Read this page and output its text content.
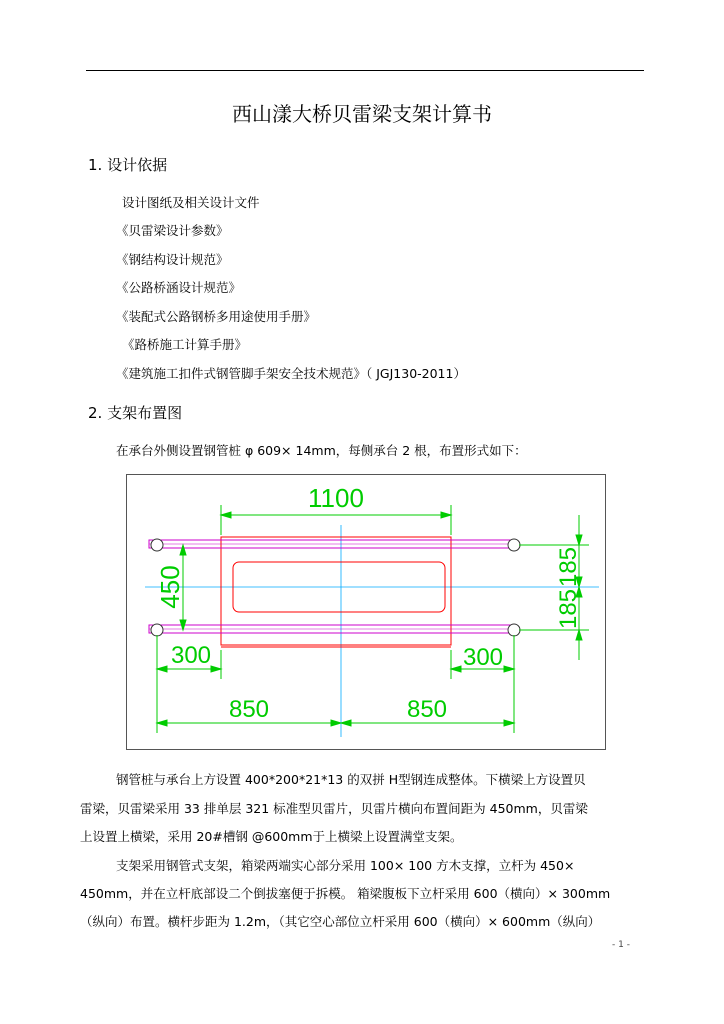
西山漾大桥贝雷梁支架计算书
1. 设计依据
设计图纸及相关设计文件
《贝雷梁设计参数》
《钢结构设计规范》
《公路桥涵设计规范》
《装配式公路钢桥多用途使用手册》
《路桥施工计算手册》
《建筑施工扣件式钢管脚手架安全技术规范》（ JGJ130-2011）
2. 支架布置图
在承台外侧设置钢管桩 φ 609× 14mm，每侧承台 2 根，布置形式如下：
1100
450	185
185
300	300
850	850
钢管桩与承台上方设置 400*200*21*13 的双拼 H型钢连成整体。下横梁上方设置贝
雷梁，贝雷梁采用 33 排单层 321 标准型贝雷片，贝雷片横向布置间距为 450mm，贝雷梁
上设置上横梁，采用 20#槽钢 @600mm于上横梁上设置满堂支架。
支架采用钢管式支架，箱梁两端实心部分采用 100× 100 方木支撑，立杆为 450×
450mm，并在立杆底部设二个倒拔塞便于拆模。 箱梁腹板下立杆采用 600（横向）× 300mm
（纵向）布置。横杆步距为 1.2m，（其它空心部位立杆采用 600（横向）× 600mm（纵向）
- 1 -
